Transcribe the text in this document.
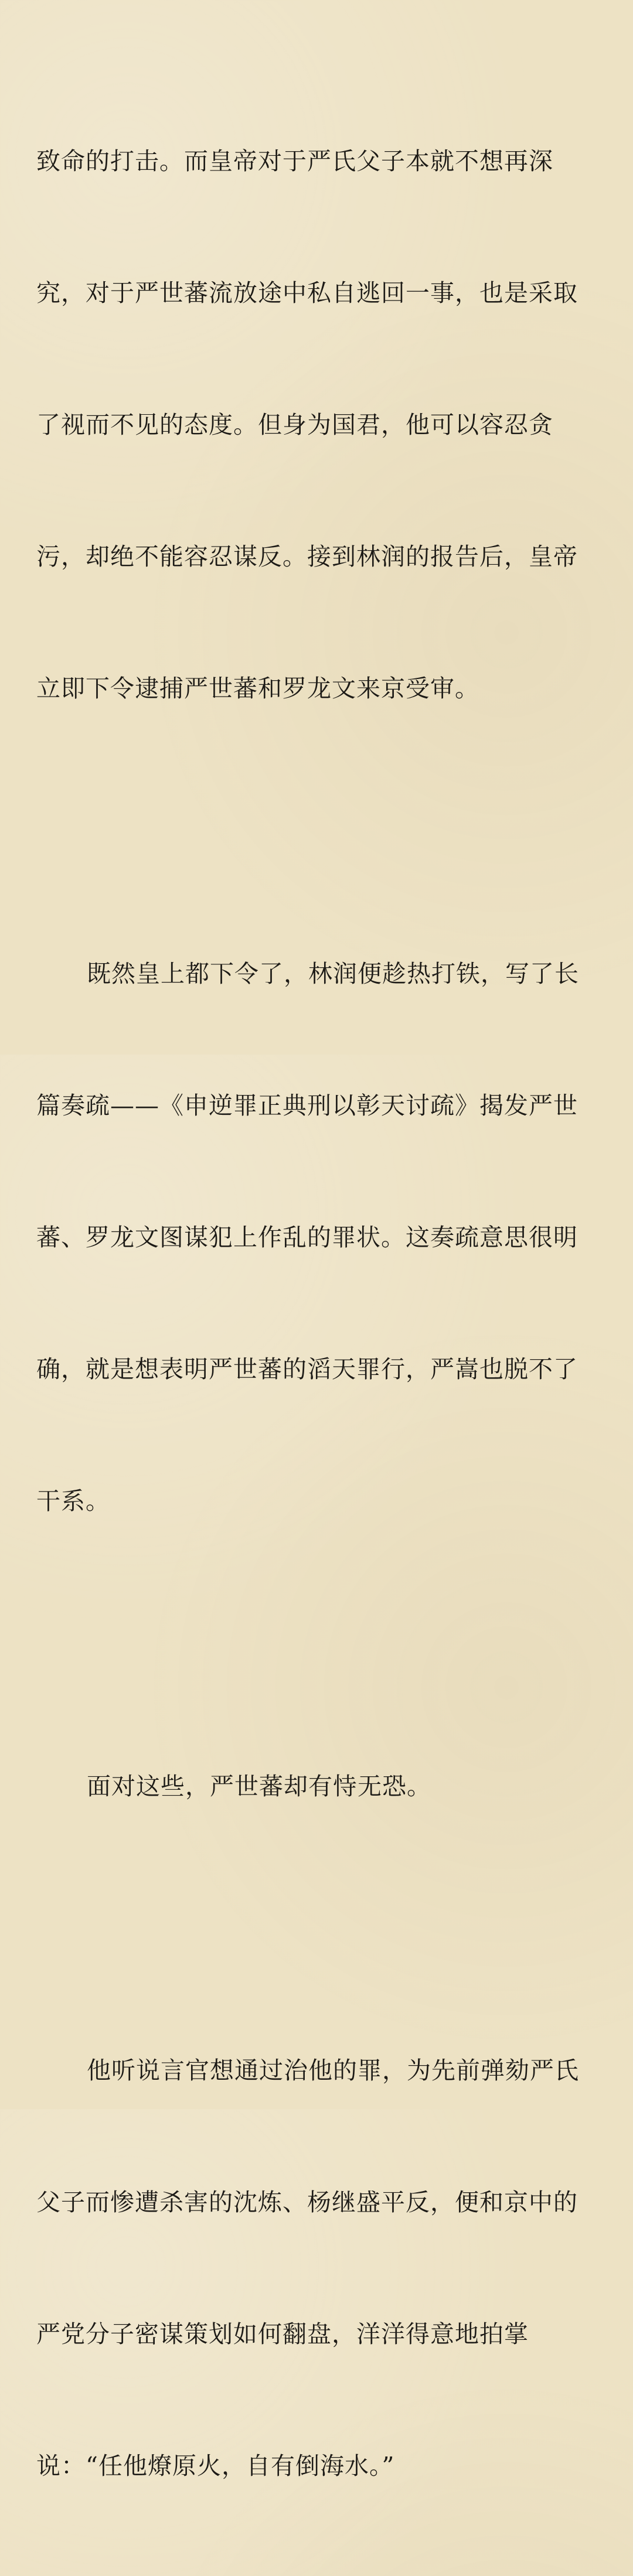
致命的打击。而皇帝对于严氏父子本就不想再深

究，对于严世蕃流放途中私自逃回一事，也是采取

了视而不见的态度。但身为国君，他可以容忍贪

污，却绝不能容忍谋反。接到林润的报告后，皇帝

立即下令逮捕严世蕃和罗龙文来京受审。

既然皇上都下令了，林润便趁热打铁，写了长

篇奏疏——《申逆罪正典刑以彰天讨疏》揭发严世

蕃、罗龙文图谋犯上作乱的罪状。这奏疏意思很明

确，就是想表明严世蕃的滔天罪行，严嵩也脱不了

干系。

面对这些，严世蕃却有恃无恐。

他听说言官想通过治他的罪，为先前弹劾严氏

父子而惨遭杀害的沈炼、杨继盛平反，便和京中的

严党分子密谋策划如何翻盘，洋洋得意地拍掌

说：“任他燎原火，自有倒海水。”
